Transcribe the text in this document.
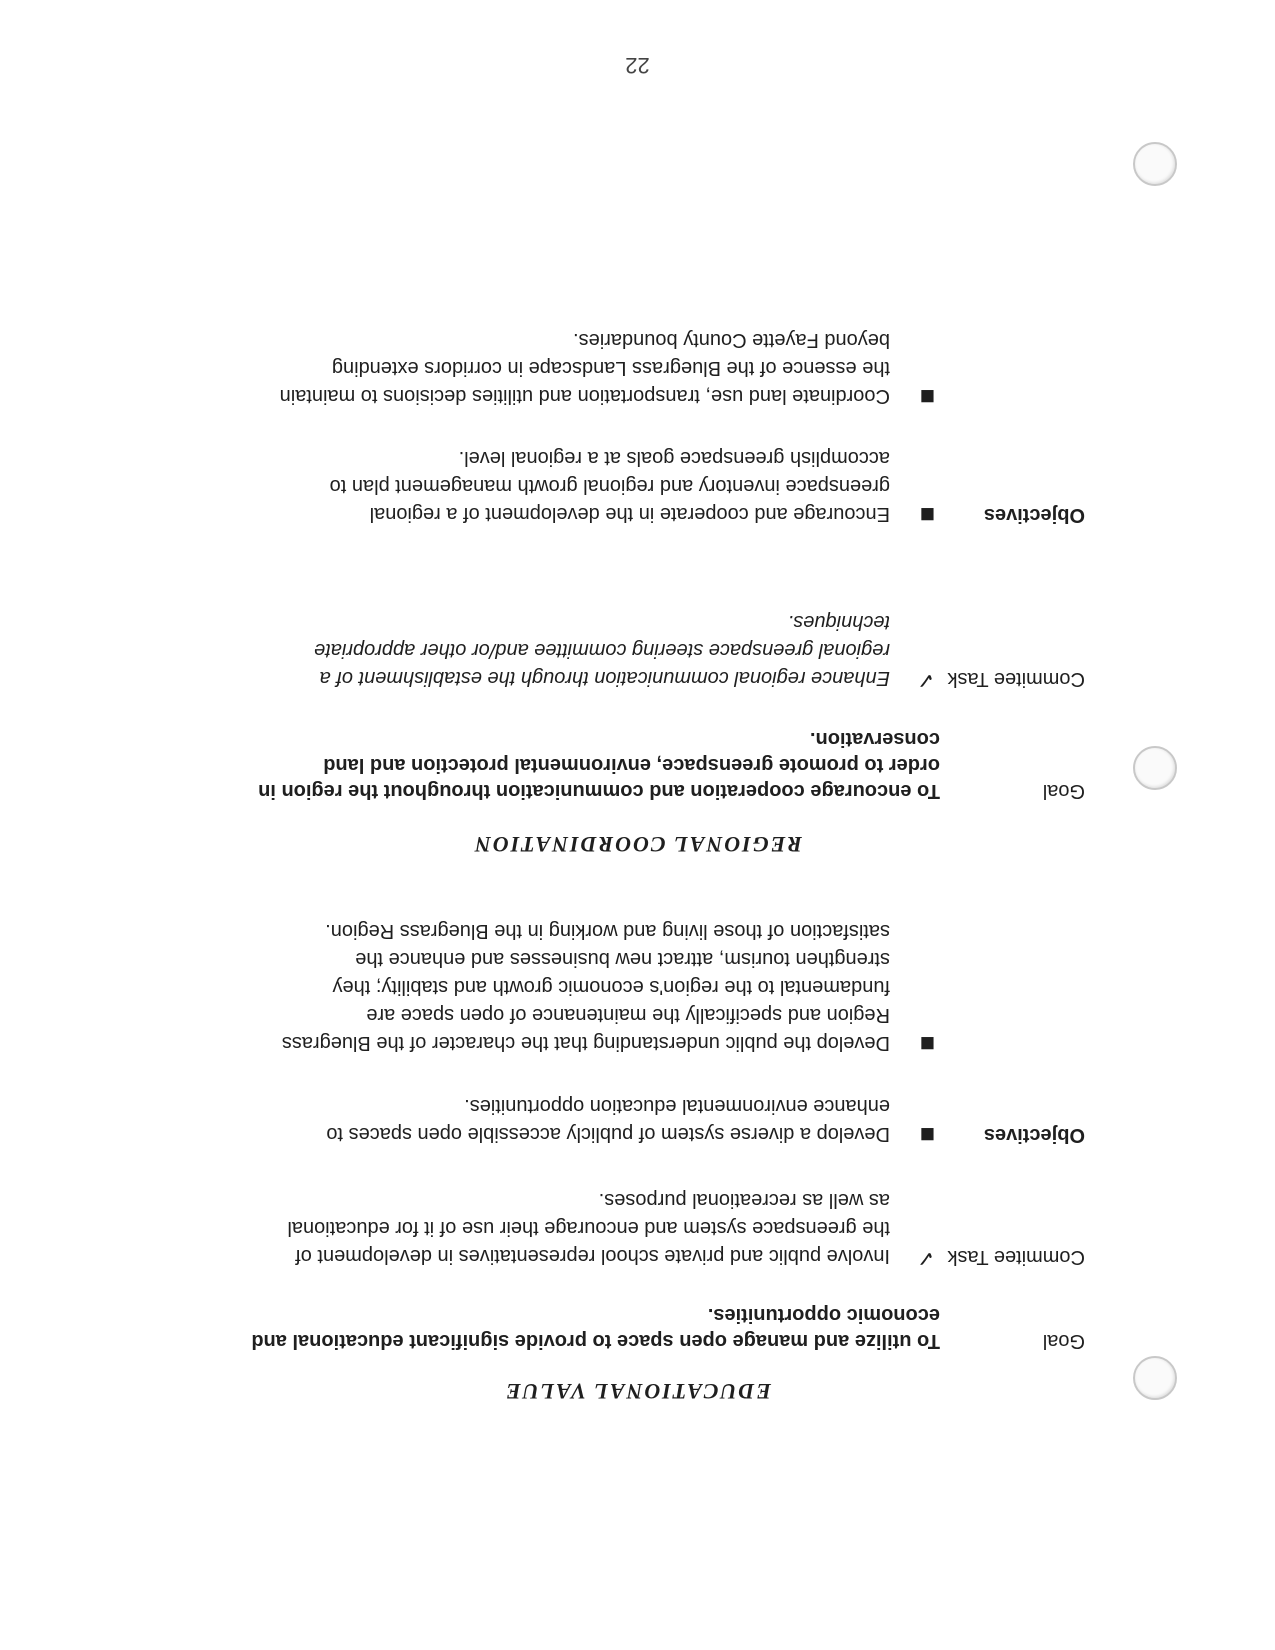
EDUCATIONAL VALUE
Goal
To utilize and manage open space to provide significant educational and economic opportunities.
Commitee Task
✓
Involve public and private school representatives in development of the greenspace system and encourage their use of it for educational as well as recreational purposes.
Objectives
■
Develop a diverse system of publicly accessible open spaces to enhance environmental education opportunities.
■
Develop the public understanding that the character of the Bluegrass Region and specifically the maintenance of open space are fundamental to the region's economic growth and stability; they strengthen tourism, attract new businesses and enhance the satisfaction of those living and working in the Bluegrass Region.
REGIONAL COORDINATION
Goal
To encourage cooperation and communication throughout the region in order to promote greenspace, environmental protection and land conservation.
Commitee Task
✓
Enhance regional communication through the establishment of a regional greenspace steering committee and/or other appropriate techniques.
Objectives
■
Encourage and cooperate in the development of a regional greenspace inventory and regional growth management plan to accomplish greenspace goals at a regional level.
■
Coordinate land use, transportation and utilities decisions to maintain the essence of the Bluegrass Landscape in corridors extending beyond Fayette County boundaries.
22
